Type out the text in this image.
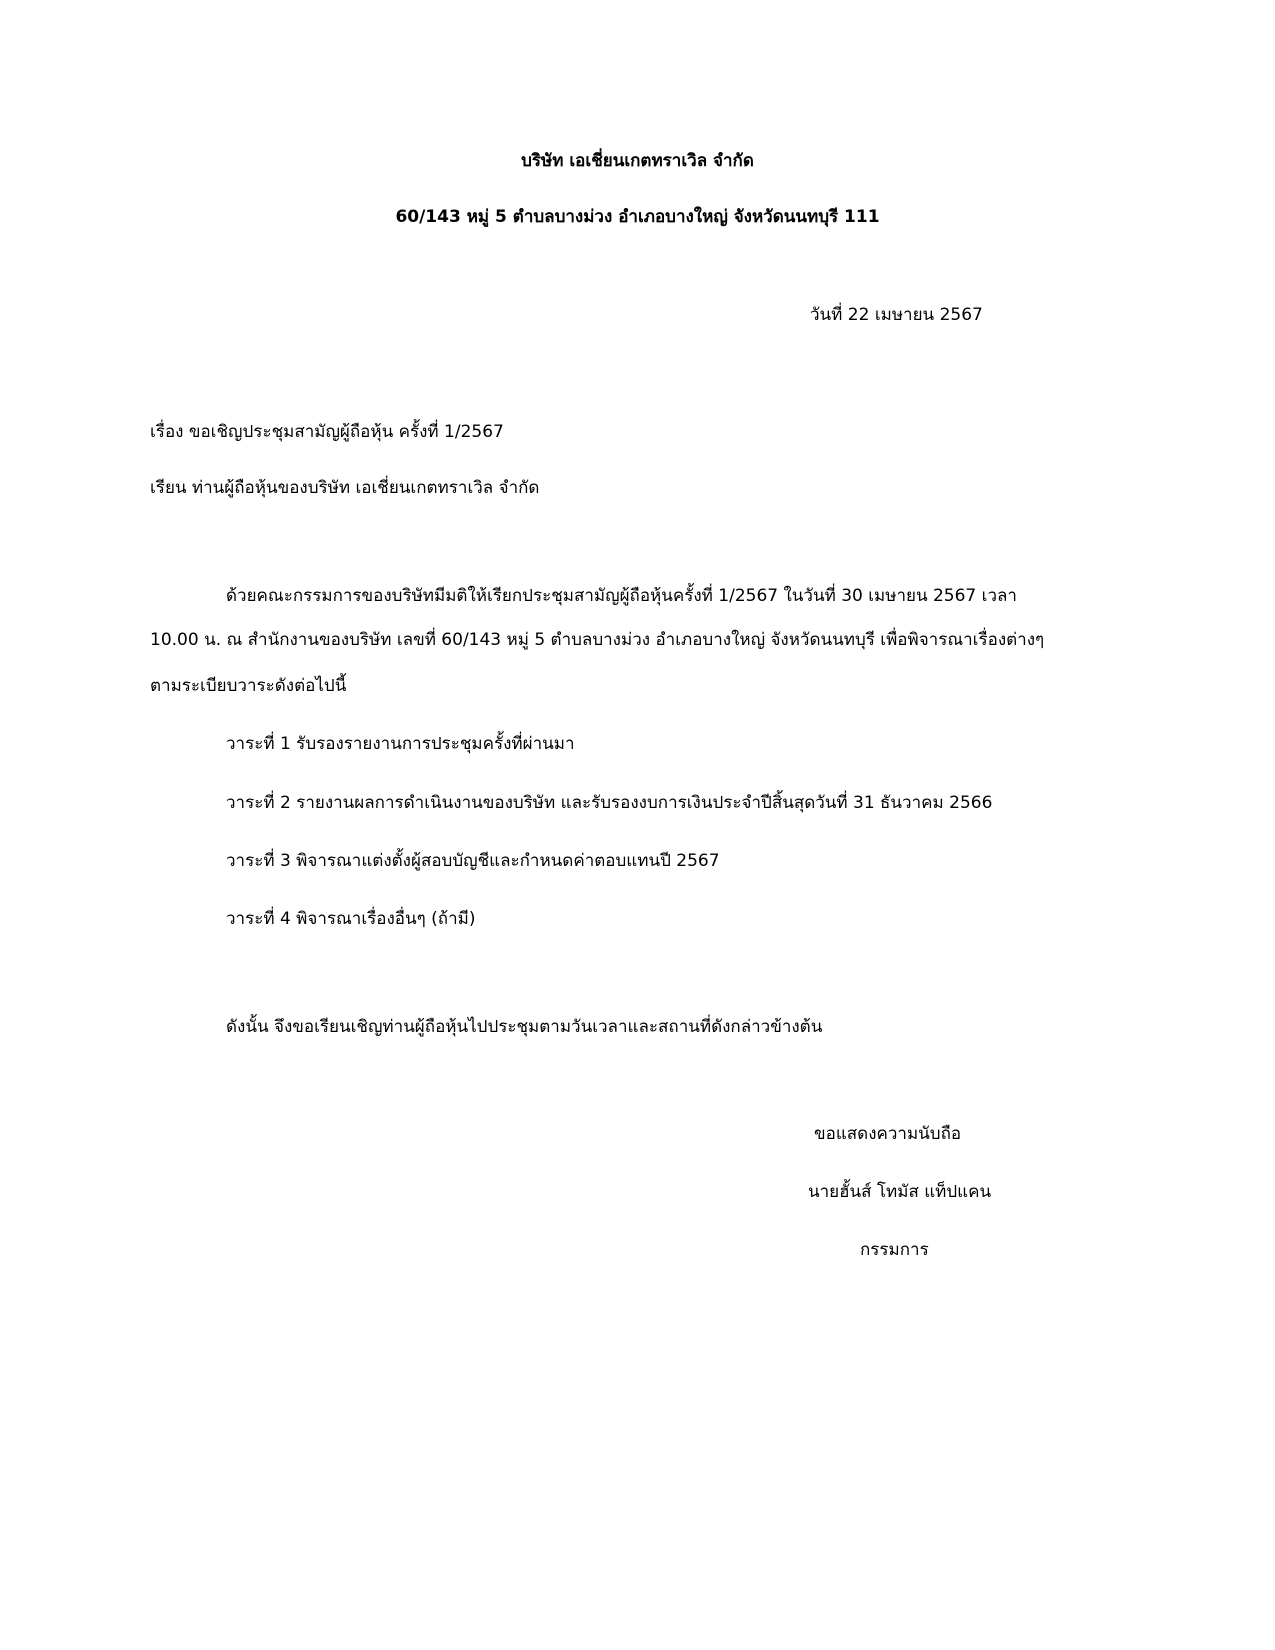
บริษัท เอเชี่ยนเกตทราเวิล จำกัด
60/143 หมู่ 5 ตำบลบางม่วง อำเภอบางใหญ่ จังหวัดนนทบุรี 111
วันที่ 22 เมษายน 2567
เรื่อง ขอเชิญประชุมสามัญผู้ถือหุ้น ครั้งที่ 1/2567
เรียน ท่านผู้ถือหุ้นของบริษัท เอเชี่ยนเกตทราเวิล จำกัด
ด้วยคณะกรรมการของบริษัทมีมติให้เรียกประชุมสามัญผู้ถือหุ้นครั้งที่ 1/2567 ในวันที่ 30 เมษายน 2567 เวลา
10.00 น. ณ สำนักงานของบริษัท เลขที่ 60/143 หมู่ 5 ตำบลบางม่วง อำเภอบางใหญ่ จังหวัดนนทบุรี เพื่อพิจารณาเรื่องต่างๆ
ตามระเบียบวาระดังต่อไปนี้
วาระที่ 1 รับรองรายงานการประชุมครั้งที่ผ่านมา
วาระที่ 2 รายงานผลการดำเนินงานของบริษัท และรับรองงบการเงินประจำปีสิ้นสุดวันที่ 31 ธันวาคม 2566
วาระที่ 3 พิจารณาแต่งตั้งผู้สอบบัญชีและกำหนดค่าตอบแทนปี 2567
วาระที่ 4 พิจารณาเรื่องอื่นๆ (ถ้ามี)
ดังนั้น จึงขอเรียนเชิญท่านผู้ถือหุ้นไปประชุมตามวันเวลาและสถานที่ดังกล่าวข้างต้น
ขอแสดงความนับถือ
นายฮั้นส์ โทมัส แท็ปแคน
กรรมการ
